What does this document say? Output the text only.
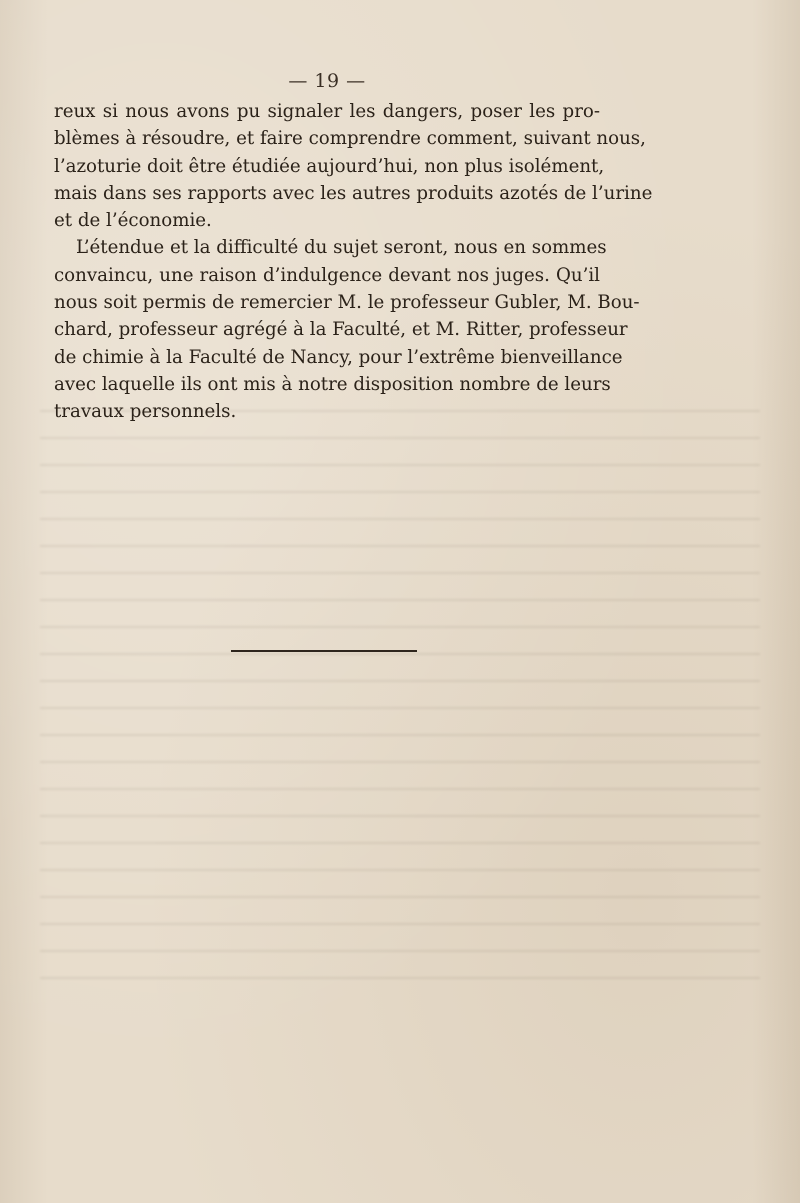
— 19 —
reux si nous avons pu signaler les dangers, poser les pro-
blèmes à résoudre, et faire comprendre comment, suivant nous,
l’azoturie doit être étudiée aujourd’hui, non plus isolément,
mais dans ses rapports avec les autres produits azotés de l’urine
et de l’économie.
L’étendue et la difficulté du sujet seront, nous en sommes
convaincu, une raison d’indulgence devant nos juges. Qu’il
nous soit permis de remercier M. le professeur Gubler, M. Bou-
chard, professeur agrégé à la Faculté, et M. Ritter, professeur
de chimie à la Faculté de Nancy, pour l’extrême bienveillance
avec laquelle ils ont mis à notre disposition nombre de leurs
travaux personnels.
